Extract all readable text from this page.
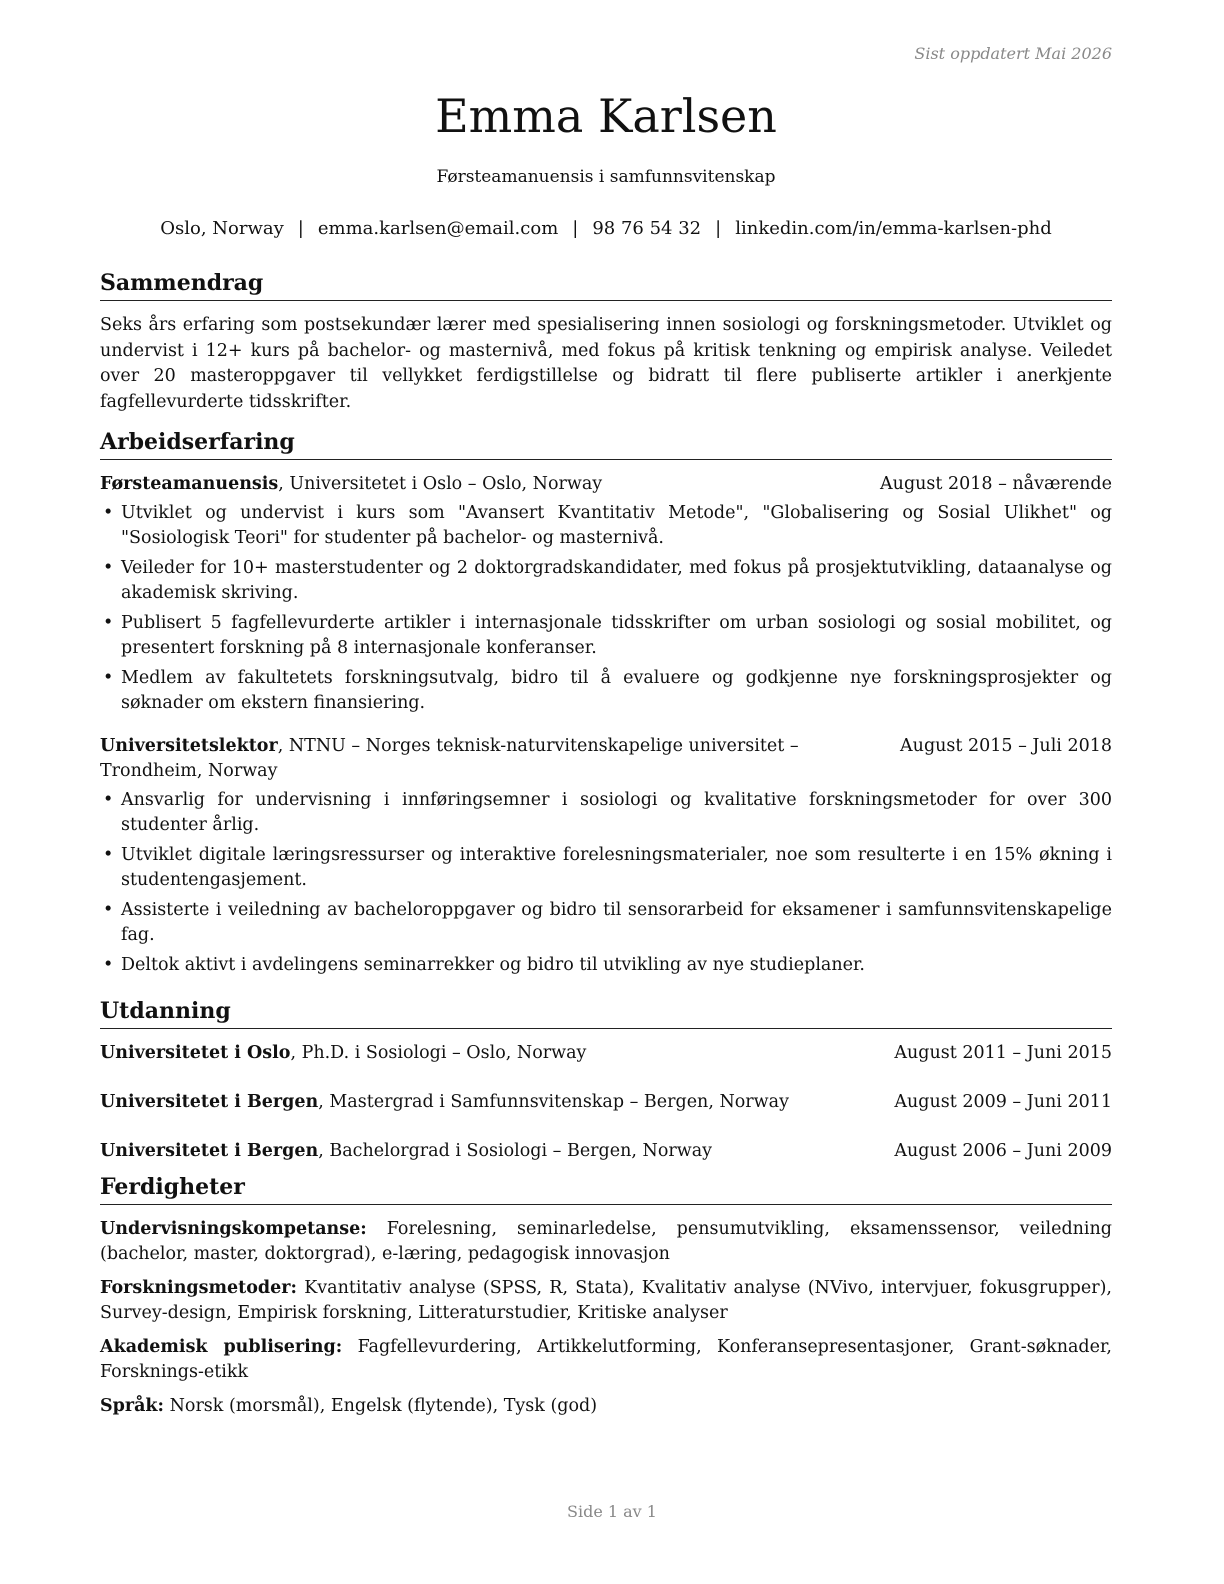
Sist oppdatert Mai 2026
Emma Karlsen
Førsteamanuensis i samfunnsvitenskap
Oslo, Norway | emma.karlsen@email.com | 98 76 54 32 | linkedin.com/in/emma-karlsen-phd
Sammendrag
Seks års erfaring som postsekundær lærer med spesialisering innen sosiologi og forskningsmetoder. Utviklet og undervist i 12+ kurs på bachelor- og masternivå, med fokus på kritisk tenkning og empirisk analyse. Veiledet over 20 masteroppgaver til vellykket ferdigstillelse og bidratt til flere publiserte artikler i anerkjente fagfellevurderte tidsskrifter.
Arbeidserfaring
Førsteamanuensis, Universitetet i Oslo – Oslo, Norway	August 2018 – nåværende
• Utviklet og undervist i kurs som "Avansert Kvantitativ Metode", "Globalisering og Sosial Ulikhet" og "Sosiologisk Teori" for studenter på bachelor- og masternivå.
• Veileder for 10+ masterstudenter og 2 doktorgradskandidater, med fokus på prosjektutvikling, dataanalyse og akademisk skriving.
• Publisert 5 fagfellevurderte artikler i internasjonale tidsskrifter om urban sosiologi og sosial mobilitet, og presentert forskning på 8 internasjonale konferanser.
• Medlem av fakultetets forskningsutvalg, bidro til å evaluere og godkjenne nye forskningsprosjekter og søknader om ekstern finansiering.
Universitetslektor, NTNU – Norges teknisk-naturvitenskapelige universitet – Trondheim, Norway
August 2015 – Juli 2018
• Ansvarlig for undervisning i innføringsemner i sosiologi og kvalitative forskningsmetoder for over 300 studenter årlig.
• Utviklet digitale læringsressurser og interaktive forelesningsmaterialer, noe som resulterte i en 15% økning i studentengasjement.
• Assisterte i veiledning av bacheloroppgaver og bidro til sensorarbeid for eksamener i samfunnsvitenskapelige fag.
• Deltok aktivt i avdelingens seminarrekker og bidro til utvikling av nye studieplaner.
Utdanning
Universitetet i Oslo, Ph.D. i Sosiologi – Oslo, Norway	August 2011 – Juni 2015
Universitetet i Bergen, Mastergrad i Samfunnsvitenskap – Bergen, Norway	August 2009 – Juni 2011
Universitetet i Bergen, Bachelorgrad i Sosiologi – Bergen, Norway	August 2006 – Juni 2009
Ferdigheter
Undervisningskompetanse: Forelesning, seminarledelse, pensumutvikling, eksamenssensor, veiledning (bachelor, master, doktorgrad), e-læring, pedagogisk innovasjon
Forskningsmetoder: Kvantitativ analyse (SPSS, R, Stata), Kvalitativ analyse (NVivo, intervjuer, fokusgrupper), Survey-design, Empirisk forskning, Litteraturstudier, Kritiske analyser
Akademisk publisering: Fagfellevurdering, Artikkelutforming, Konferansepresentasjoner, Grant-søknader, Forsknings-etikk
Språk: Norsk (morsmål), Engelsk (flytende), Tysk (god)
Side 1 av 1
